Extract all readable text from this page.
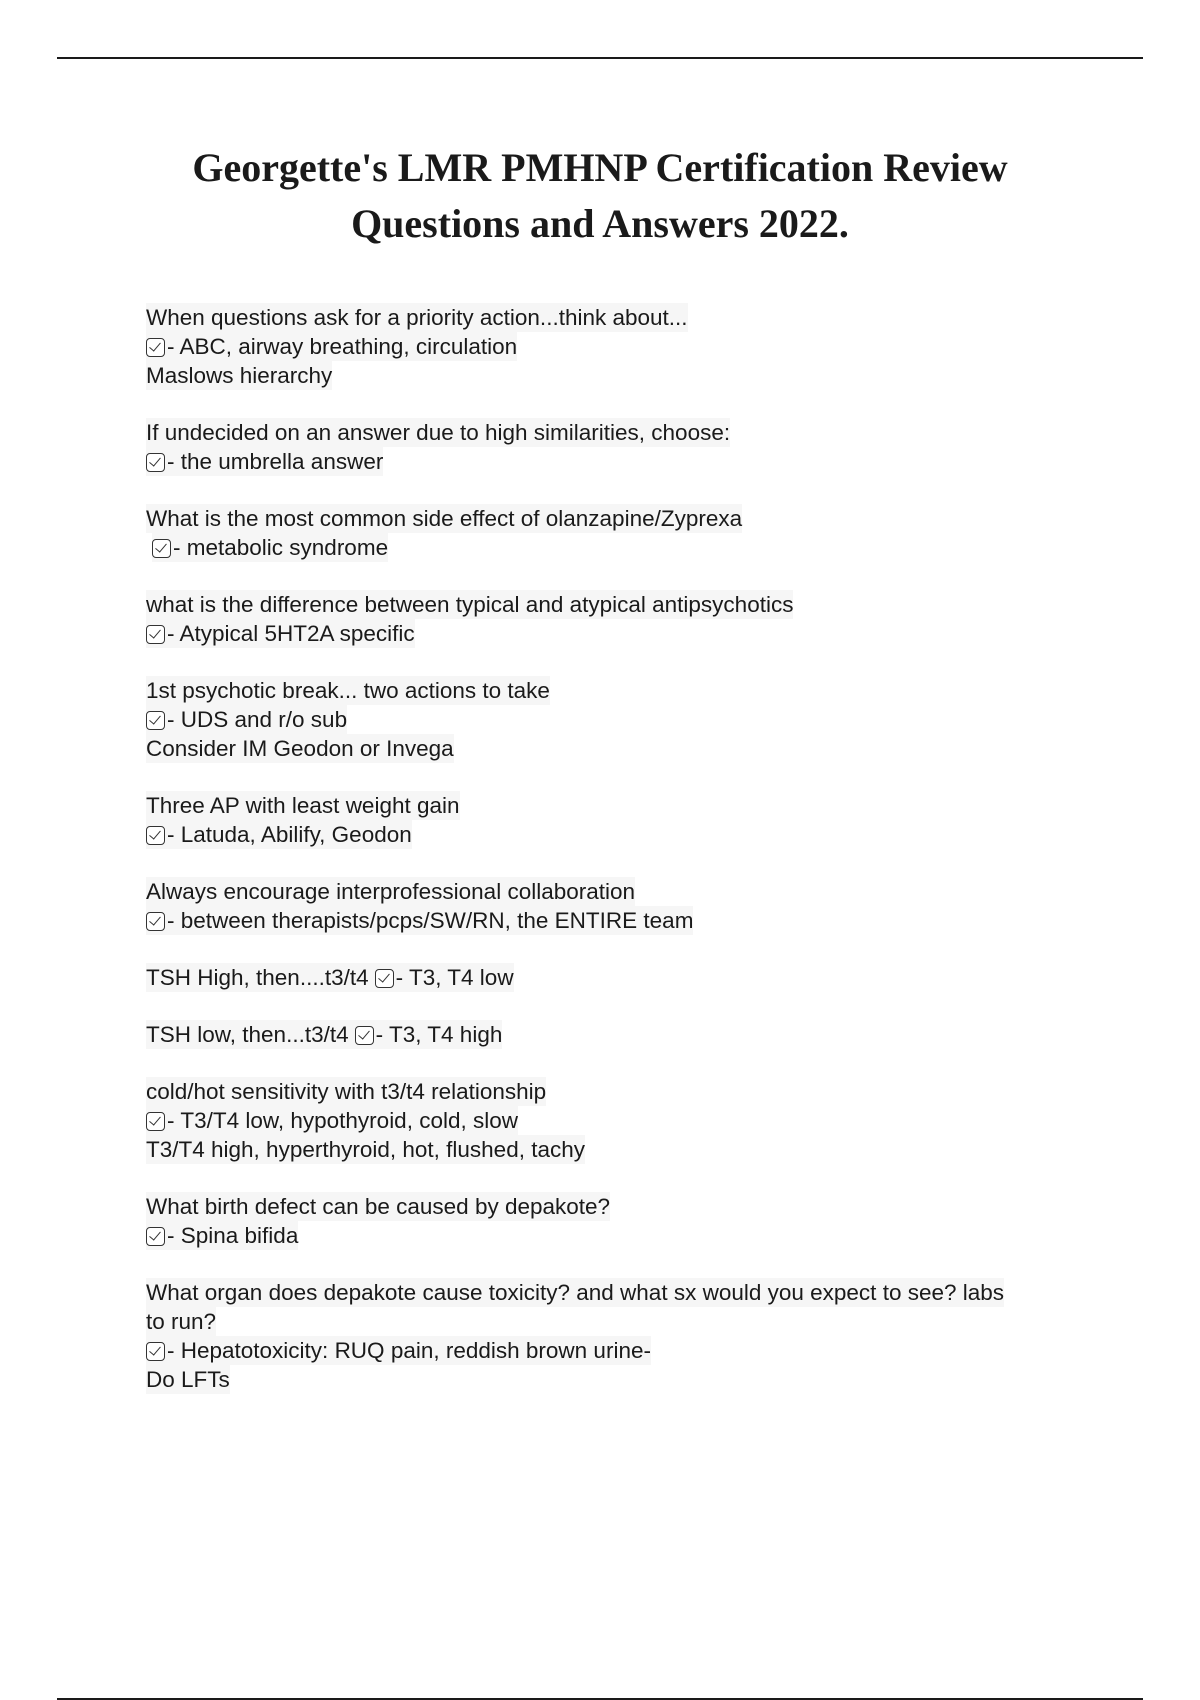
Georgette's LMR PMHNP Certification Review
Questions and Answers 2022.
When questions ask for a priority action...think about...
- ABC, airway breathing, circulation
Maslows hierarchy
If undecided on an answer due to high similarities, choose:
- the umbrella answer
What is the most common side effect of olanzapine/Zyprexa
- metabolic syndrome
what is the difference between typical and atypical antipsychotics
- Atypical 5HT2A specific
1st psychotic break... two actions to take
- UDS and r/o sub
Consider IM Geodon or Invega
Three AP with least weight gain
- Latuda, Abilify, Geodon
Always encourage interprofessional collaboration
- between therapists/pcps/SW/RN, the ENTIRE team
TSH High, then....t3/t4 - T3, T4 low
TSH low, then...t3/t4 - T3, T4 high
cold/hot sensitivity with t3/t4 relationship
- T3/T4 low, hypothyroid, cold, slow
T3/T4 high, hyperthyroid, hot, flushed, tachy
What birth defect can be caused by depakote?
- Spina bifida
What organ does depakote cause toxicity? and what sx would you expect to see? labs
to run?
- Hepatotoxicity: RUQ pain, reddish brown urine-
Do LFTs
